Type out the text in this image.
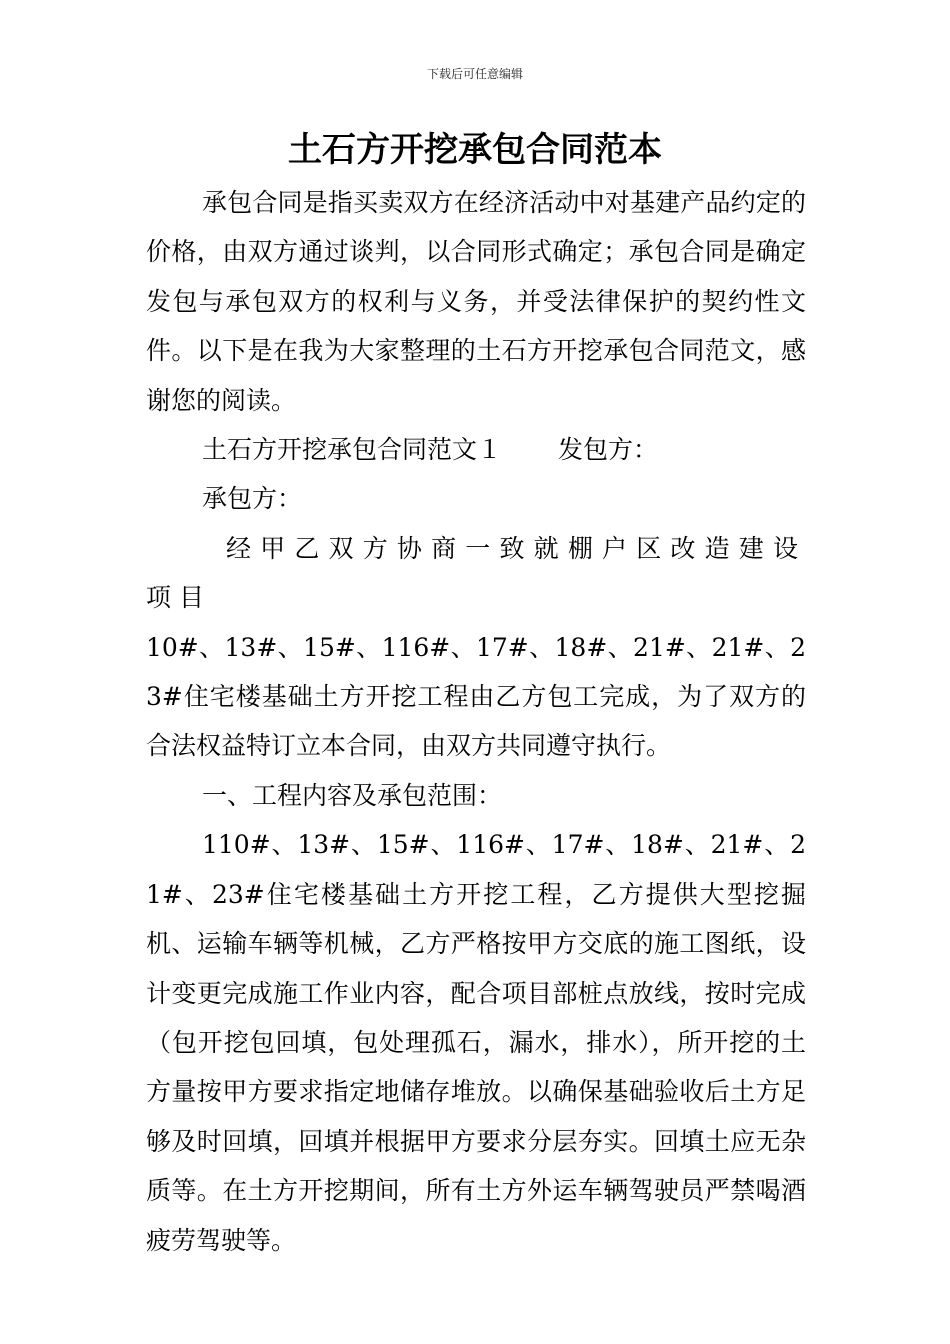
下载后可任意编辑
土石方开挖承包合同范本

承包合同是指买卖双方在经济活动中对基建产品约定的价格，由双方通过谈判，以合同形式确定；承包合同是确定发包与承包双方的权利与义务，并受法律保护的契约性文件。以下是在我为大家整理的土石方开挖承包合同范文，感谢您的阅读。

土石方开挖承包合同范文１ 发包方：

承包方：

经甲乙双方协商一致就棚户区改造建设项目

10#、13#、15#、116#、17#、18#、21#、21#、23#住宅楼基础土方开挖工程由乙方包工完成，为了双方的合法权益特订立本合同，由双方共同遵守执行。

一、工程内容及承包范围：

110#、13#、15#、116#、17#、18#、21#、21#、23#住宅楼基础土方开挖工程，乙方提供大型挖掘机、运输车辆等机械，乙方严格按甲方交底的施工图纸，设计变更完成施工作业内容，配合项目部桩点放线，按时完成（包开挖包回填，包处理孤石，漏水，排水），所开挖的土方量按甲方要求指定地储存堆放。以确保基础验收后土方足够及时回填，回填并根据甲方要求分层夯实。回填土应无杂质等。在土方开挖期间，所有土方外运车辆驾驶员严禁喝酒疲劳驾驶等。
